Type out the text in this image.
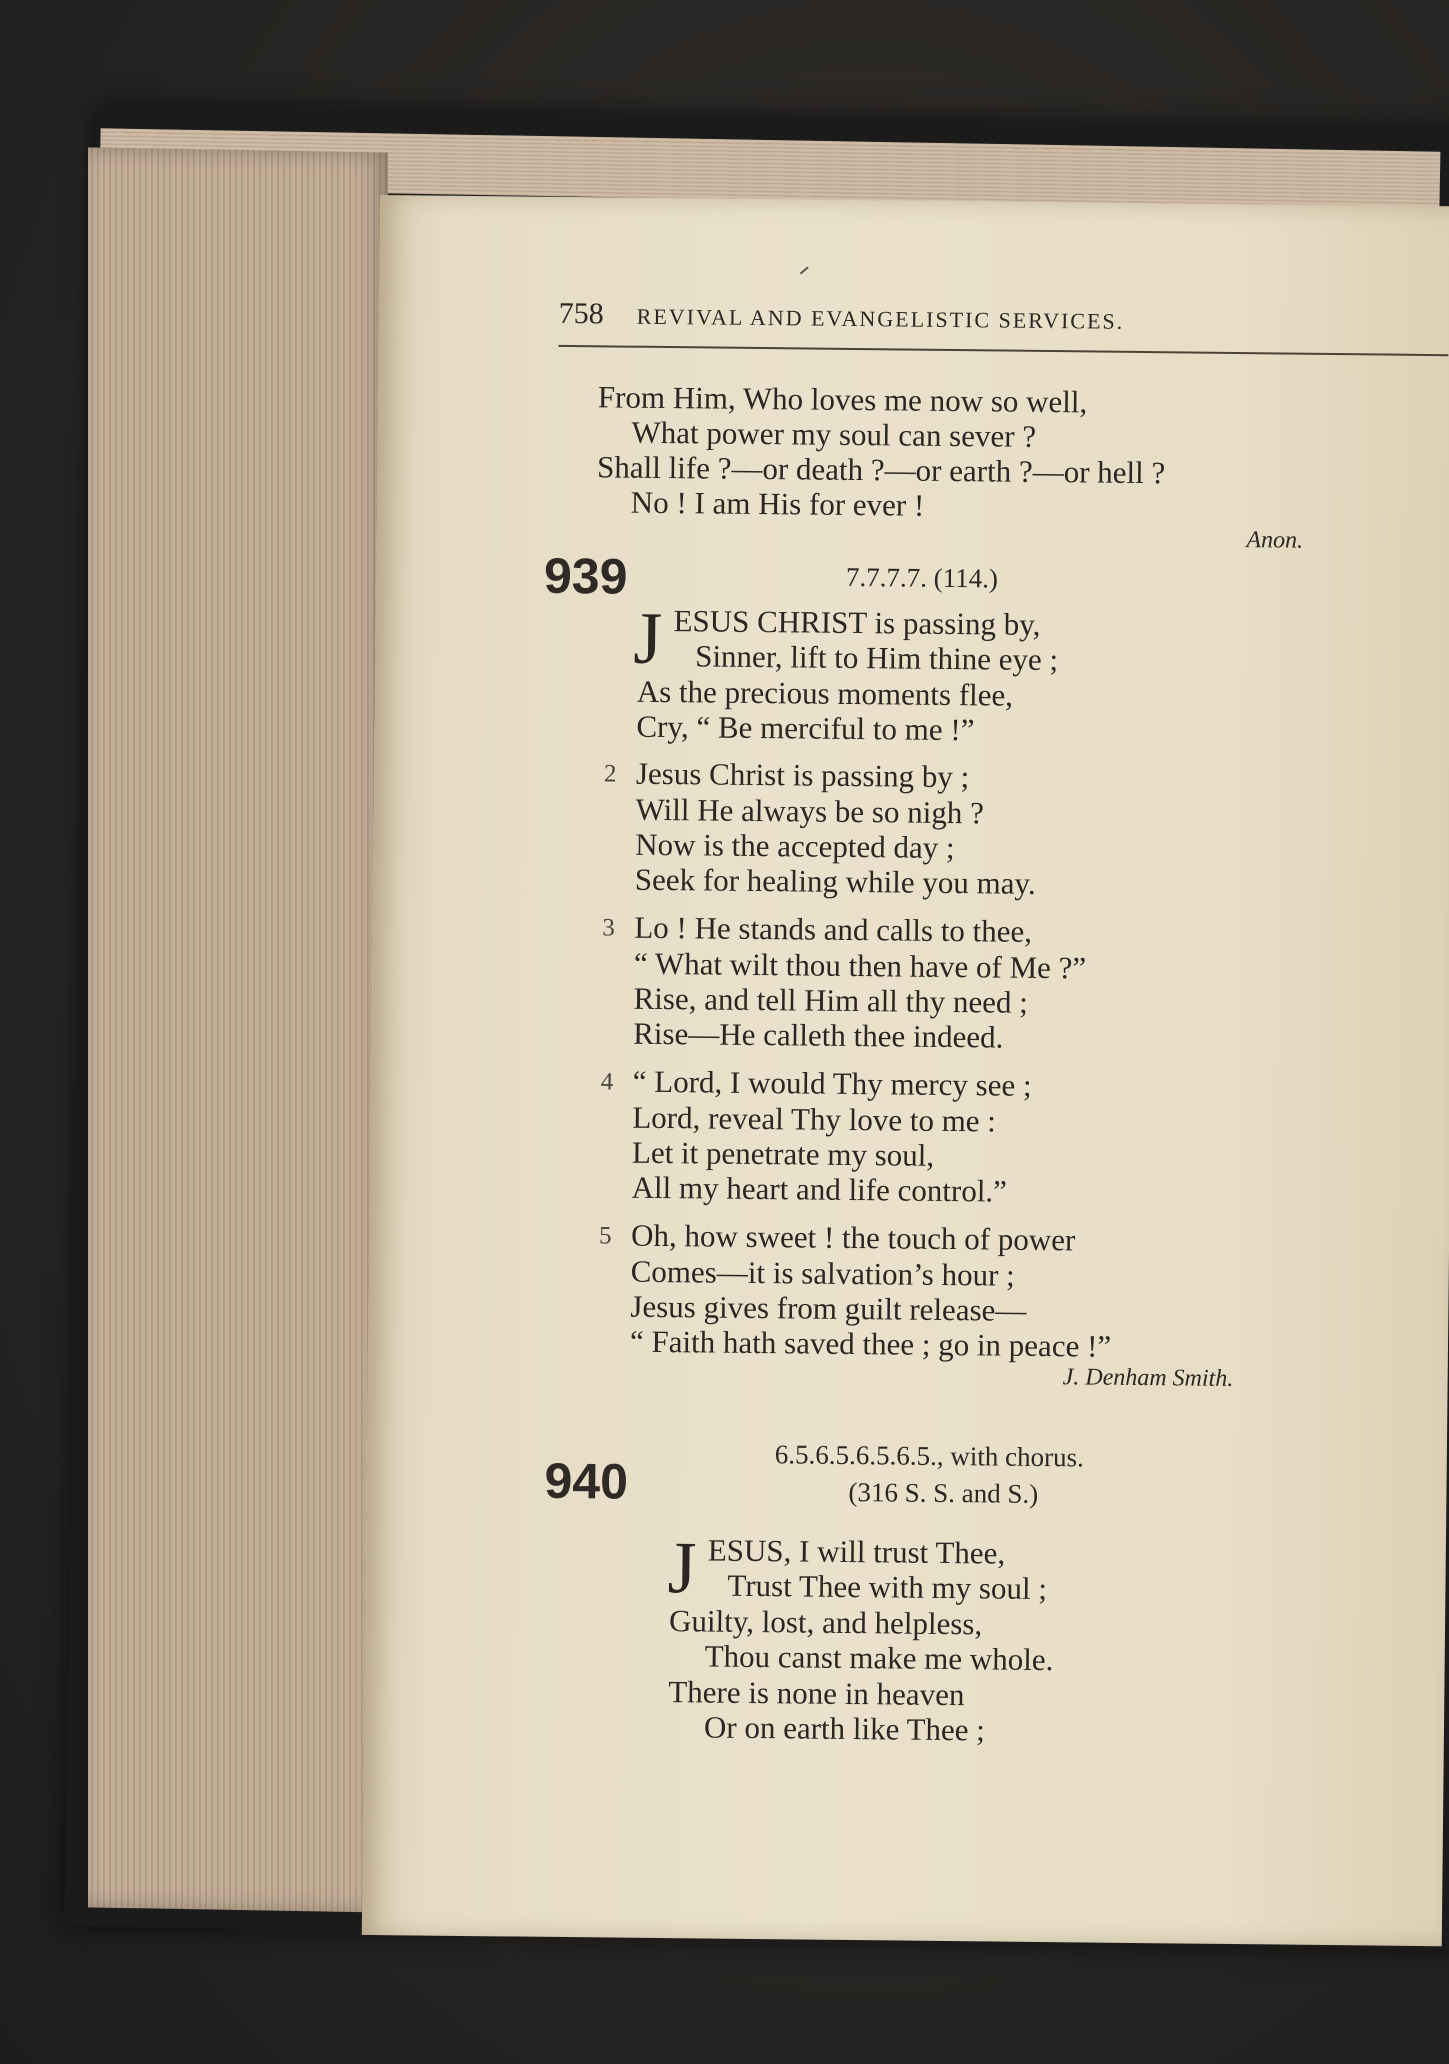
758 REVIVAL AND EVANGELISTIC SERVICES.
From Him, Who loves me now so well,
What power my soul can sever ?
Shall life ?—or death ?—or earth ?—or hell ?
No ! I am His for ever !
Anon.
939	7.7.7.7. (114.)
J ESUS CHRIST is passing by,
Sinner, lift to Him thine eye ;
As the precious moments flee,
Cry, “ Be merciful to me !”
2 Jesus Christ is passing by ;
Will He always be so nigh ?
Now is the accepted day ;
Seek for healing while you may.
3 Lo ! He stands and calls to thee,
“ What wilt thou then have of Me ?”
Rise, and tell Him all thy need ;
Rise—He calleth thee indeed.
4 “ Lord, I would Thy mercy see ;
Lord, reveal Thy love to me :
Let it penetrate my soul,
All my heart and life control.”
5 Oh, how sweet ! the touch of power
Comes—it is salvation’s hour ;
Jesus gives from guilt release—
“ Faith hath saved thee ; go in peace !”
J. Denham Smith.
940	6.5.6.5.6.5.6.5., with chorus.
(316 S. S. and S.)
J ESUS, I will trust Thee,
Trust Thee with my soul ;
Guilty, lost, and helpless,
Thou canst make me whole.
There is none in heaven
Or on earth like Thee ;
